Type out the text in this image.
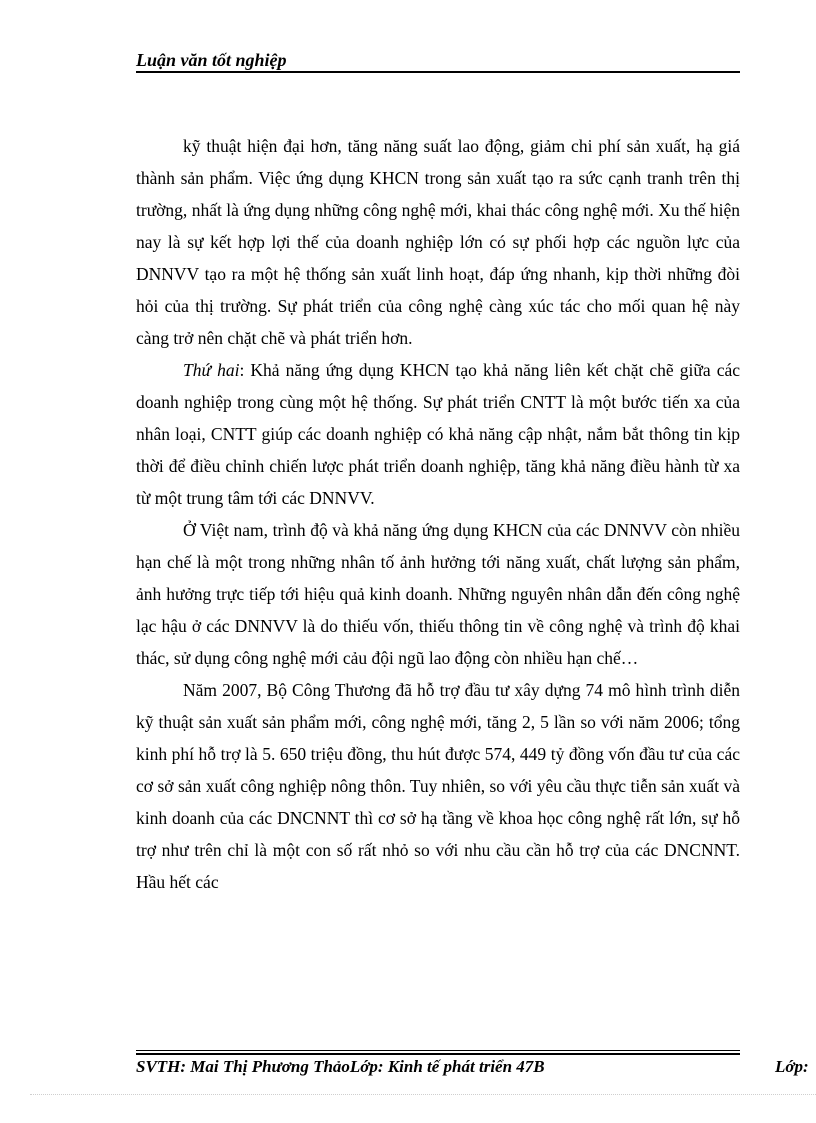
Luận văn tốt nghiệp

kỹ thuật hiện đại hơn, tăng năng suất lao động, giảm chi phí sản xuất, hạ giá thành sản phẩm. Việc ứng dụng KHCN trong sản xuất tạo ra sức cạnh tranh trên thị trường, nhất là ứng dụng những công nghệ mới, khai thác công nghệ mới. Xu thế hiện nay là sự kết hợp lợi thế của doanh nghiệp lớn có sự phối hợp các nguồn lực của DNNVV tạo ra một hệ thống sản xuất linh hoạt, đáp ứng nhanh, kịp thời những đòi hỏi của thị trường. Sự phát triển của công nghệ càng xúc tác cho mối quan hệ này càng trở nên chặt chẽ và phát triển hơn.

Thứ hai: Khả năng ứng dụng KHCN tạo khả năng liên kết chặt chẽ giữa các doanh nghiệp trong cùng một hệ thống. Sự phát triển CNTT là một bước tiến xa của nhân loại, CNTT giúp các doanh nghiệp có khả năng cập nhật, nắm bắt thông tin kịp thời để điều chỉnh chiến lược phát triển doanh nghiệp, tăng khả năng điều hành từ xa từ một trung tâm tới các DNNVV.

Ở Việt nam, trình độ và khả năng ứng dụng KHCN của các DNNVV còn nhiều hạn chế là một trong những nhân tố ảnh hưởng tới năng xuất, chất lượng sản phẩm, ảnh hưởng trực tiếp tới hiệu quả kinh doanh. Những nguyên nhân dẫn đến công nghệ lạc hậu ở các DNNVV là do thiếu vốn, thiếu thông tin về công nghệ và trình độ khai thác, sử dụng công nghệ mới cảu đội ngũ lao động còn nhiều hạn chế…

Năm 2007, Bộ Công Thương đã hỗ trợ đầu tư xây dựng 74 mô hình trình diễn kỹ thuật sản xuất sản phẩm mới, công nghệ mới, tăng 2, 5 lần so với năm 2006; tổng kinh phí hỗ trợ là 5. 650 triệu đồng, thu hút được 574, 449 tỷ đồng vốn đầu tư của các cơ sở sản xuất công nghiệp nông thôn. Tuy nhiên, so với yêu cầu thực tiễn sản xuất và kinh doanh của các DNCNNT thì cơ sở hạ tầng về khoa học công nghệ rất lớn, sự hỗ trợ như trên chỉ là một con số rất nhỏ so với nhu cầu cần hỗ trợ của các DNCNNT. Hầu hết các

SVTH: Mai Thị Phương ThảoLớp: Kinh tế phát triển 47B	Lớp:
